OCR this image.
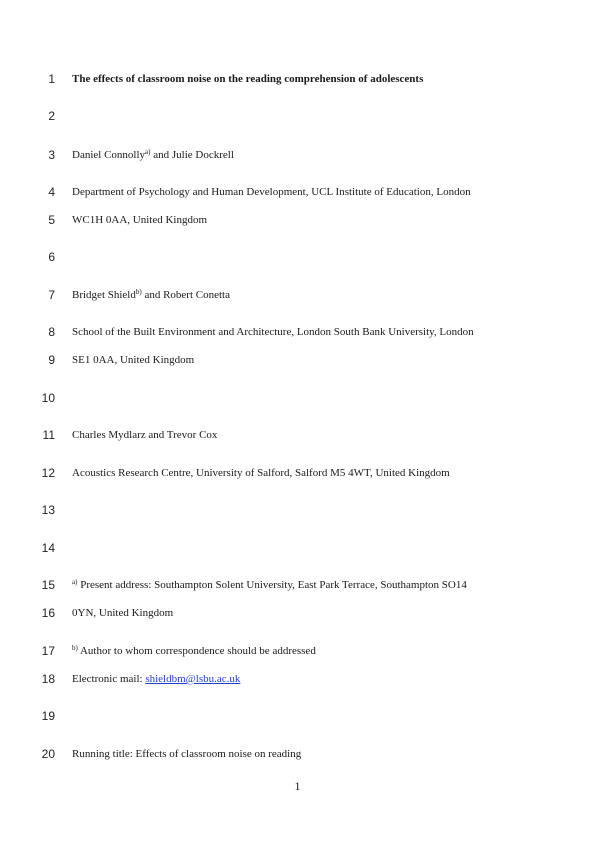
1 The effects of classroom noise on the reading comprehension of adolescents
2
3 Daniel Connolly$^{a)}$ and Julie Dockrell
4 Department of Psychology and Human Development, UCL Institute of Education, London
5 WC1H 0AA, United Kingdom
6
7 Bridget Shield$^{b)}$ and Robert Conetta
8 School of the Built Environment and Architecture, London South Bank University, London
9 SE1 0AA, United Kingdom
10
11 Charles Mydlarz and Trevor Cox
12 Acoustics Research Centre, University of Salford, Salford M5 4WT, United Kingdom
13
14
15 $^{a)}$ Present address: Southampton Solent University, East Park Terrace, Southampton SO14
16 0YN, United Kingdom
17 $^{b)}$ Author to whom correspondence should be addressed
18 Electronic mail: shieldbm@lsbu.ac.uk
19
20 Running title: Effects of classroom noise on reading
1
